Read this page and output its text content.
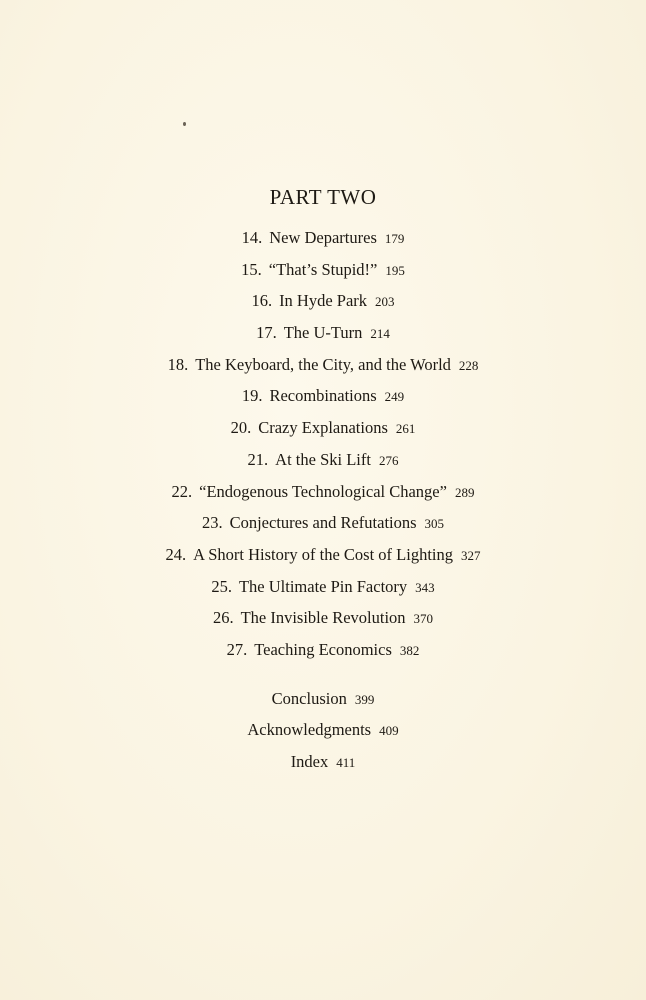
PART TWO
14. New Departures 179
15. “That’s Stupid!” 195
16. In Hyde Park 203
17. The U-Turn 214
18. The Keyboard, the City, and the World 228
19. Recombinations 249
20. Crazy Explanations 261
21. At the Ski Lift 276
22. “Endogenous Technological Change” 289
23. Conjectures and Refutations 305
24. A Short History of the Cost of Lighting 327
25. The Ultimate Pin Factory 343
26. The Invisible Revolution 370
27. Teaching Economics 382
Conclusion 399
Acknowledgments 409
Index 411
